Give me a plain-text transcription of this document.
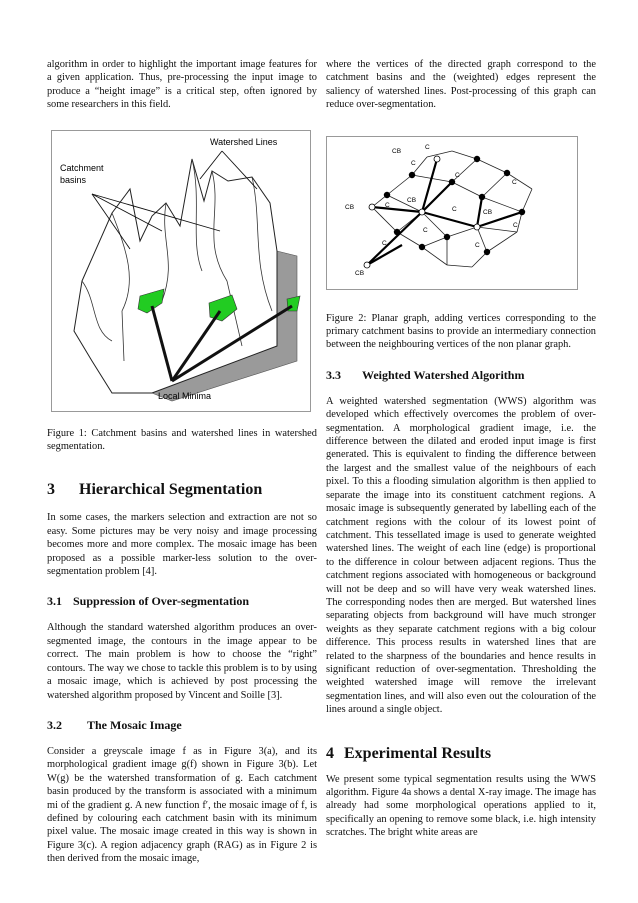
algorithm in order to highlight the important image features for a given application. Thus, pre-processing the input image to produce a “height image” is a critical step, often ignored by some researchers in this field.

Watershed Lines
Catchment
basins
Local Minima

Figure 1: Catchment basins and watershed lines in watershed segmentation.

3 Hierarchical Segmentation

In some cases, the markers selection and extraction are not so easy. Some pictures may be very noisy and image processing becomes more and more complex. The mosaic image has been proposed as a possible marker-less solution to the over-segmentation problem [4].

3.1 Suppression of Over-segmentation

Although the standard watershed algorithm produces an over-segmented image, the contours in the image appear to be correct. The main problem is how to choose the “right” contours. The way we chose to tackle this problem is to by using a mosaic image, which is achieved by post processing the watershed algorithm proposed by Vincent and Soille [3].

3.2 The Mosaic Image

Consider a greyscale image f as in Figure 3(a), and its morphological gradient image g(f) shown in Figure 3(b). Let W(g) be the watershed transformation of g. Each catchment basin produced by the transform is associated with a minimum mi of the gradient g. A new function f′, the mosaic image of f, is defined by colouring each catchment basin with its minimum pixel value. The mosaic image created in this way is shown in Figure 3(c). A region adjacency graph (RAG) as in Figure 2 is then derived from the mosaic image,

where the vertices of the directed graph correspond to the catchment basins and the (weighted) edges represent the saliency of watershed lines. Post-processing of this graph can reduce over-segmentation.

CB
C
C
C
C
CB
CB	C
C	CB
C
C
C
C
CB

Figure 2: Planar graph, adding vertices corresponding to the primary catchment basins to provide an intermediary connection between the neighbouring vertices of the non planar graph.

3.3 Weighted Watershed Algorithm

A weighted watershed segmentation (WWS) algorithm was developed which effectively overcomes the problem of over-segmentation. A morphological gradient image, i.e. the difference between the dilated and eroded input image is first generated. This is equivalent to finding the difference between the largest and the smallest value of the neighbours of each pixel. To this a flooding simulation algorithm is then applied to separate the image into its constituent catchment regions. A mosaic image is subsequently generated by labelling each of the catchment regions with the colour of its lowest point of catchment. This tessellated image is used to generate weighted watershed lines. The weight of each line (edge) is proportional to the difference in colour between adjacent regions. Thus the catchment regions associated with homogeneous or background will not be deep and so will have very weak watershed lines. The corresponding nodes then are merged. But watershed lines separating objects from background will have much stronger weights as they separate catchment regions with a big colour difference. This process results in watershed lines that are related to the sharpness of the boundaries and hence results in significant reduction of over-segmentation. Thresholding the weighted watershed image will remove the irrelevant segmentation lines, and will also even out the colouration of the lines around a single object.

4 Experimental Results

We present some typical segmentation results using the WWS algorithm. Figure 4a shows a dental X-ray image. The image has already had some morphological operations applied to it, specifically an opening to remove some black, i.e. high intensity scratches. The bright white areas are
